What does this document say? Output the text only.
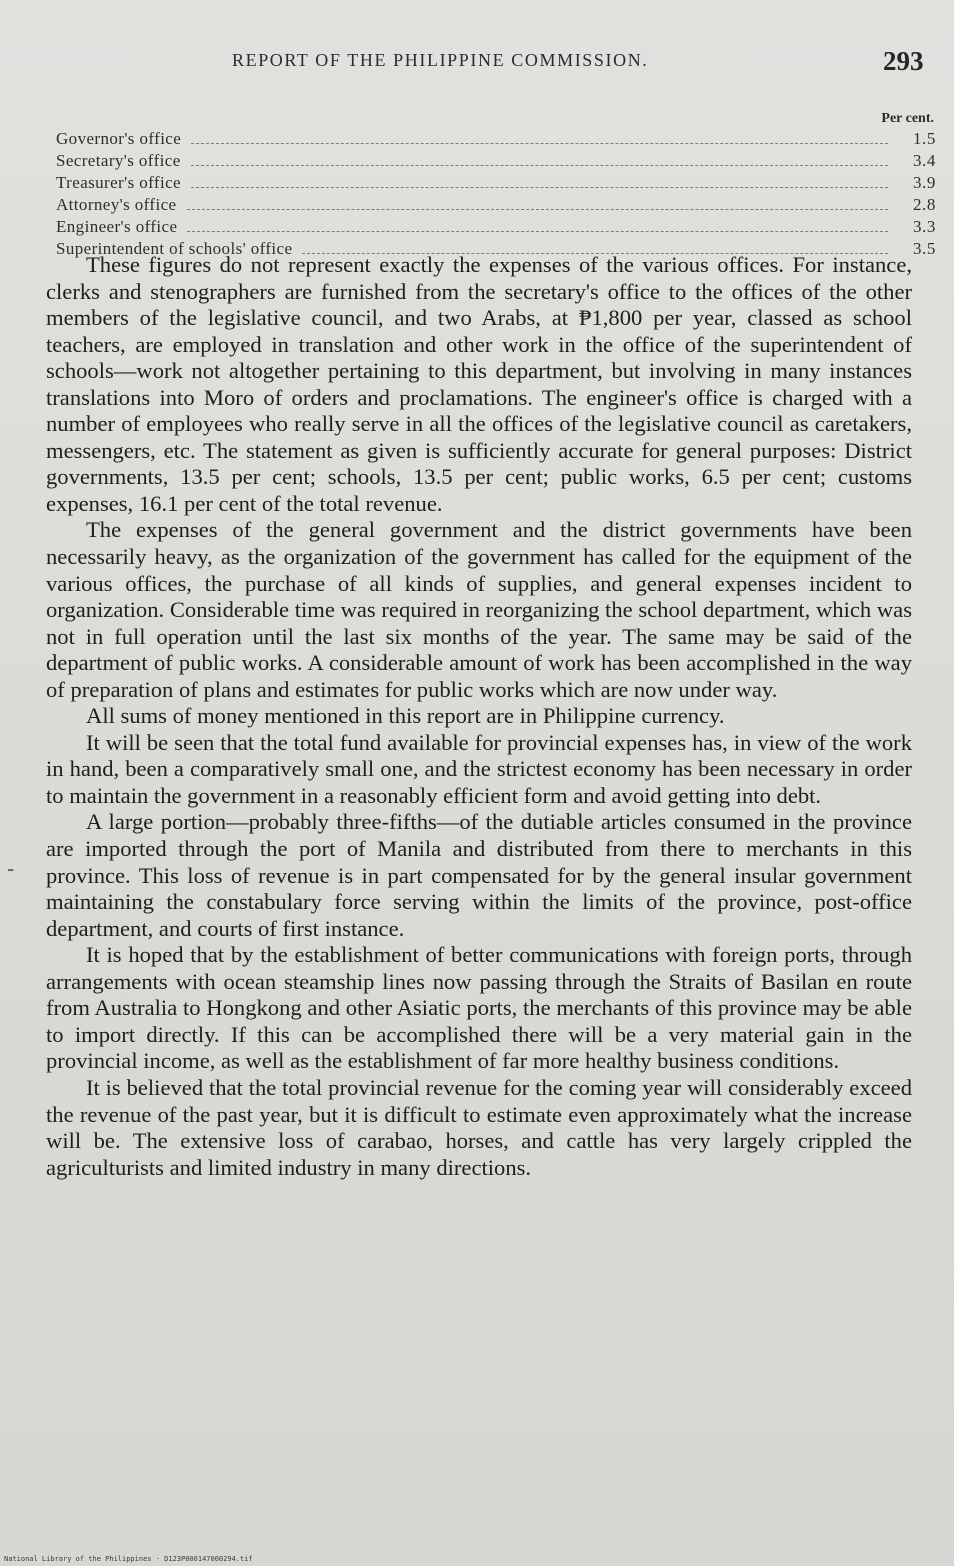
REPORT OF THE PHILIPPINE COMMISSION.	293
Per cent.
Governor's office	1.5
Secretary's office	3.4
Treasurer's office	3.9
Attorney's office	2.8
Engineer's office	3.3
Superintendent of schools' office	3.5

These figures do not represent exactly the expenses of the various offices. For instance, clerks and stenographers are furnished from the secretary's office to the offices of the other members of the legislative council, and two Arabs, at ₱1,800 per year, classed as school teachers, are employed in translation and other work in the office of the superintendent of schools—work not altogether pertaining to this department, but involving in many instances translations into Moro of orders and proclamations. The engineer's office is charged with a number of employees who really serve in all the offices of the legislative council as caretakers, messengers, etc. The statement as given is sufficiently accurate for general purposes: District governments, 13.5 per cent; schools, 13.5 per cent; public works, 6.5 per cent; customs expenses, 16.1 per cent of the total revenue.

The expenses of the general government and the district governments have been necessarily heavy, as the organization of the government has called for the equipment of the various offices, the purchase of all kinds of supplies, and general expenses incident to organization. Considerable time was required in reorganizing the school department, which was not in full operation until the last six months of the year. The same may be said of the department of public works. A considerable amount of work has been accomplished in the way of preparation of plans and estimates for public works which are now under way.

All sums of money mentioned in this report are in Philippine currency.

It will be seen that the total fund available for provincial expenses has, in view of the work in hand, been a comparatively small one, and the strictest economy has been necessary in order to maintain the government in a reasonably efficient form and avoid getting into debt.

A large portion—probably three-fifths—of the dutiable articles consumed in the province are imported through the port of Manila and distributed from there to merchants in this province. This loss of revenue is in part compensated for by the general insular government maintaining the constabulary force serving within the limits of the province, post-office department, and courts of first instance.

It is hoped that by the establishment of better communications with foreign ports, through arrangements with ocean steamship lines now passing through the Straits of Basilan en route from Australia to Hongkong and other Asiatic ports, the merchants of this province may be able to import directly. If this can be accomplished there will be a very material gain in the provincial income, as well as the establishment of far more healthy business conditions.

It is believed that the total provincial revenue for the coming year will considerably exceed the revenue of the past year, but it is difficult to estimate even approximately what the increase will be. The extensive loss of carabao, horses, and cattle has very largely crippled the agriculturists and limited industry in many directions.

-
National Library of the Philippines · D123P000147000294.tif
